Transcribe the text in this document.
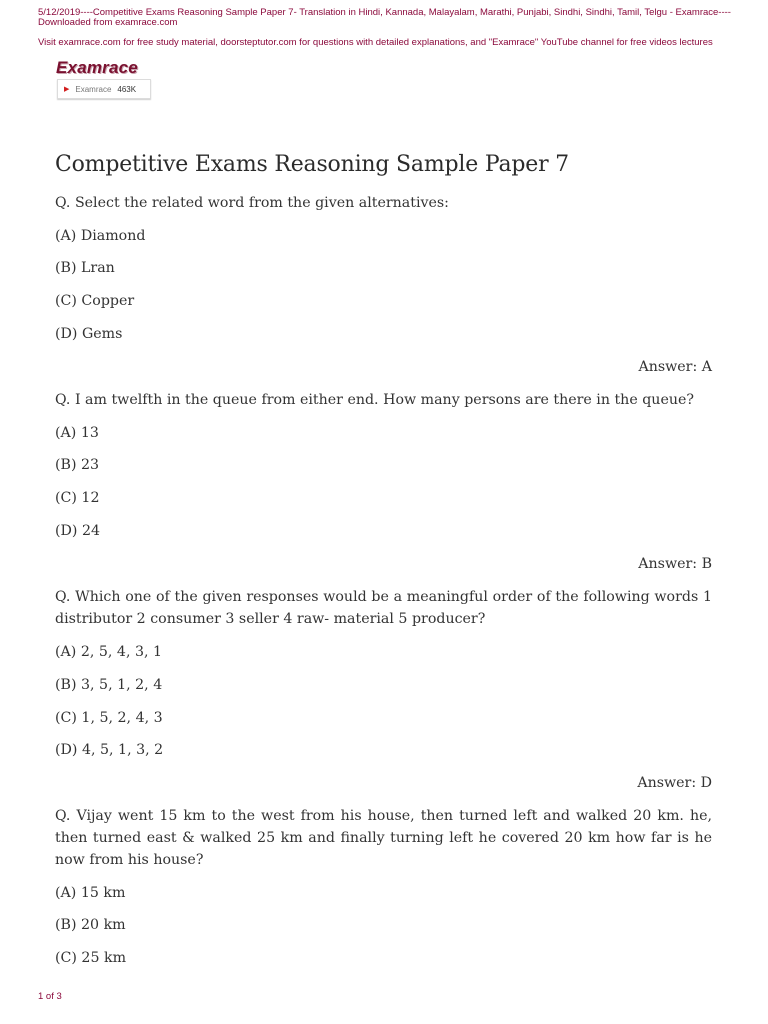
5/12/2019----Competitive Exams Reasoning Sample Paper 7- Translation in Hindi, Kannada, Malayalam, Marathi, Punjabi, Sindhi, Sindhi, Tamil, Telgu - Examrace----Downloaded from examrace.com
Visit examrace.com for free study material, doorsteptutor.com for questions with detailed explanations, and "Examrace" YouTube channel for free videos lectures
Examrace
▶ Examrace 463K
Competitive Exams Reasoning Sample Paper 7
Q. Select the related word from the given alternatives:
(A) Diamond
(B) Lran
(C) Copper
(D) Gems
Answer: A
Q. I am twelfth in the queue from either end. How many persons are there in the queue?
(A) 13
(B) 23
(C) 12
(D) 24
Answer: B
Q. Which one of the given responses would be a meaningful order of the following words 1 distributor 2 consumer 3 seller 4 raw- material 5 producer?
(A) 2, 5, 4, 3, 1
(B) 3, 5, 1, 2, 4
(C) 1, 5, 2, 4, 3
(D) 4, 5, 1, 3, 2
Answer: D
Q. Vijay went 15 km to the west from his house, then turned left and walked 20 km. he, then turned east & walked 25 km and finally turning left he covered 20 km how far is he now from his house?
(A) 15 km
(B) 20 km
(C) 25 km
1 of 3
